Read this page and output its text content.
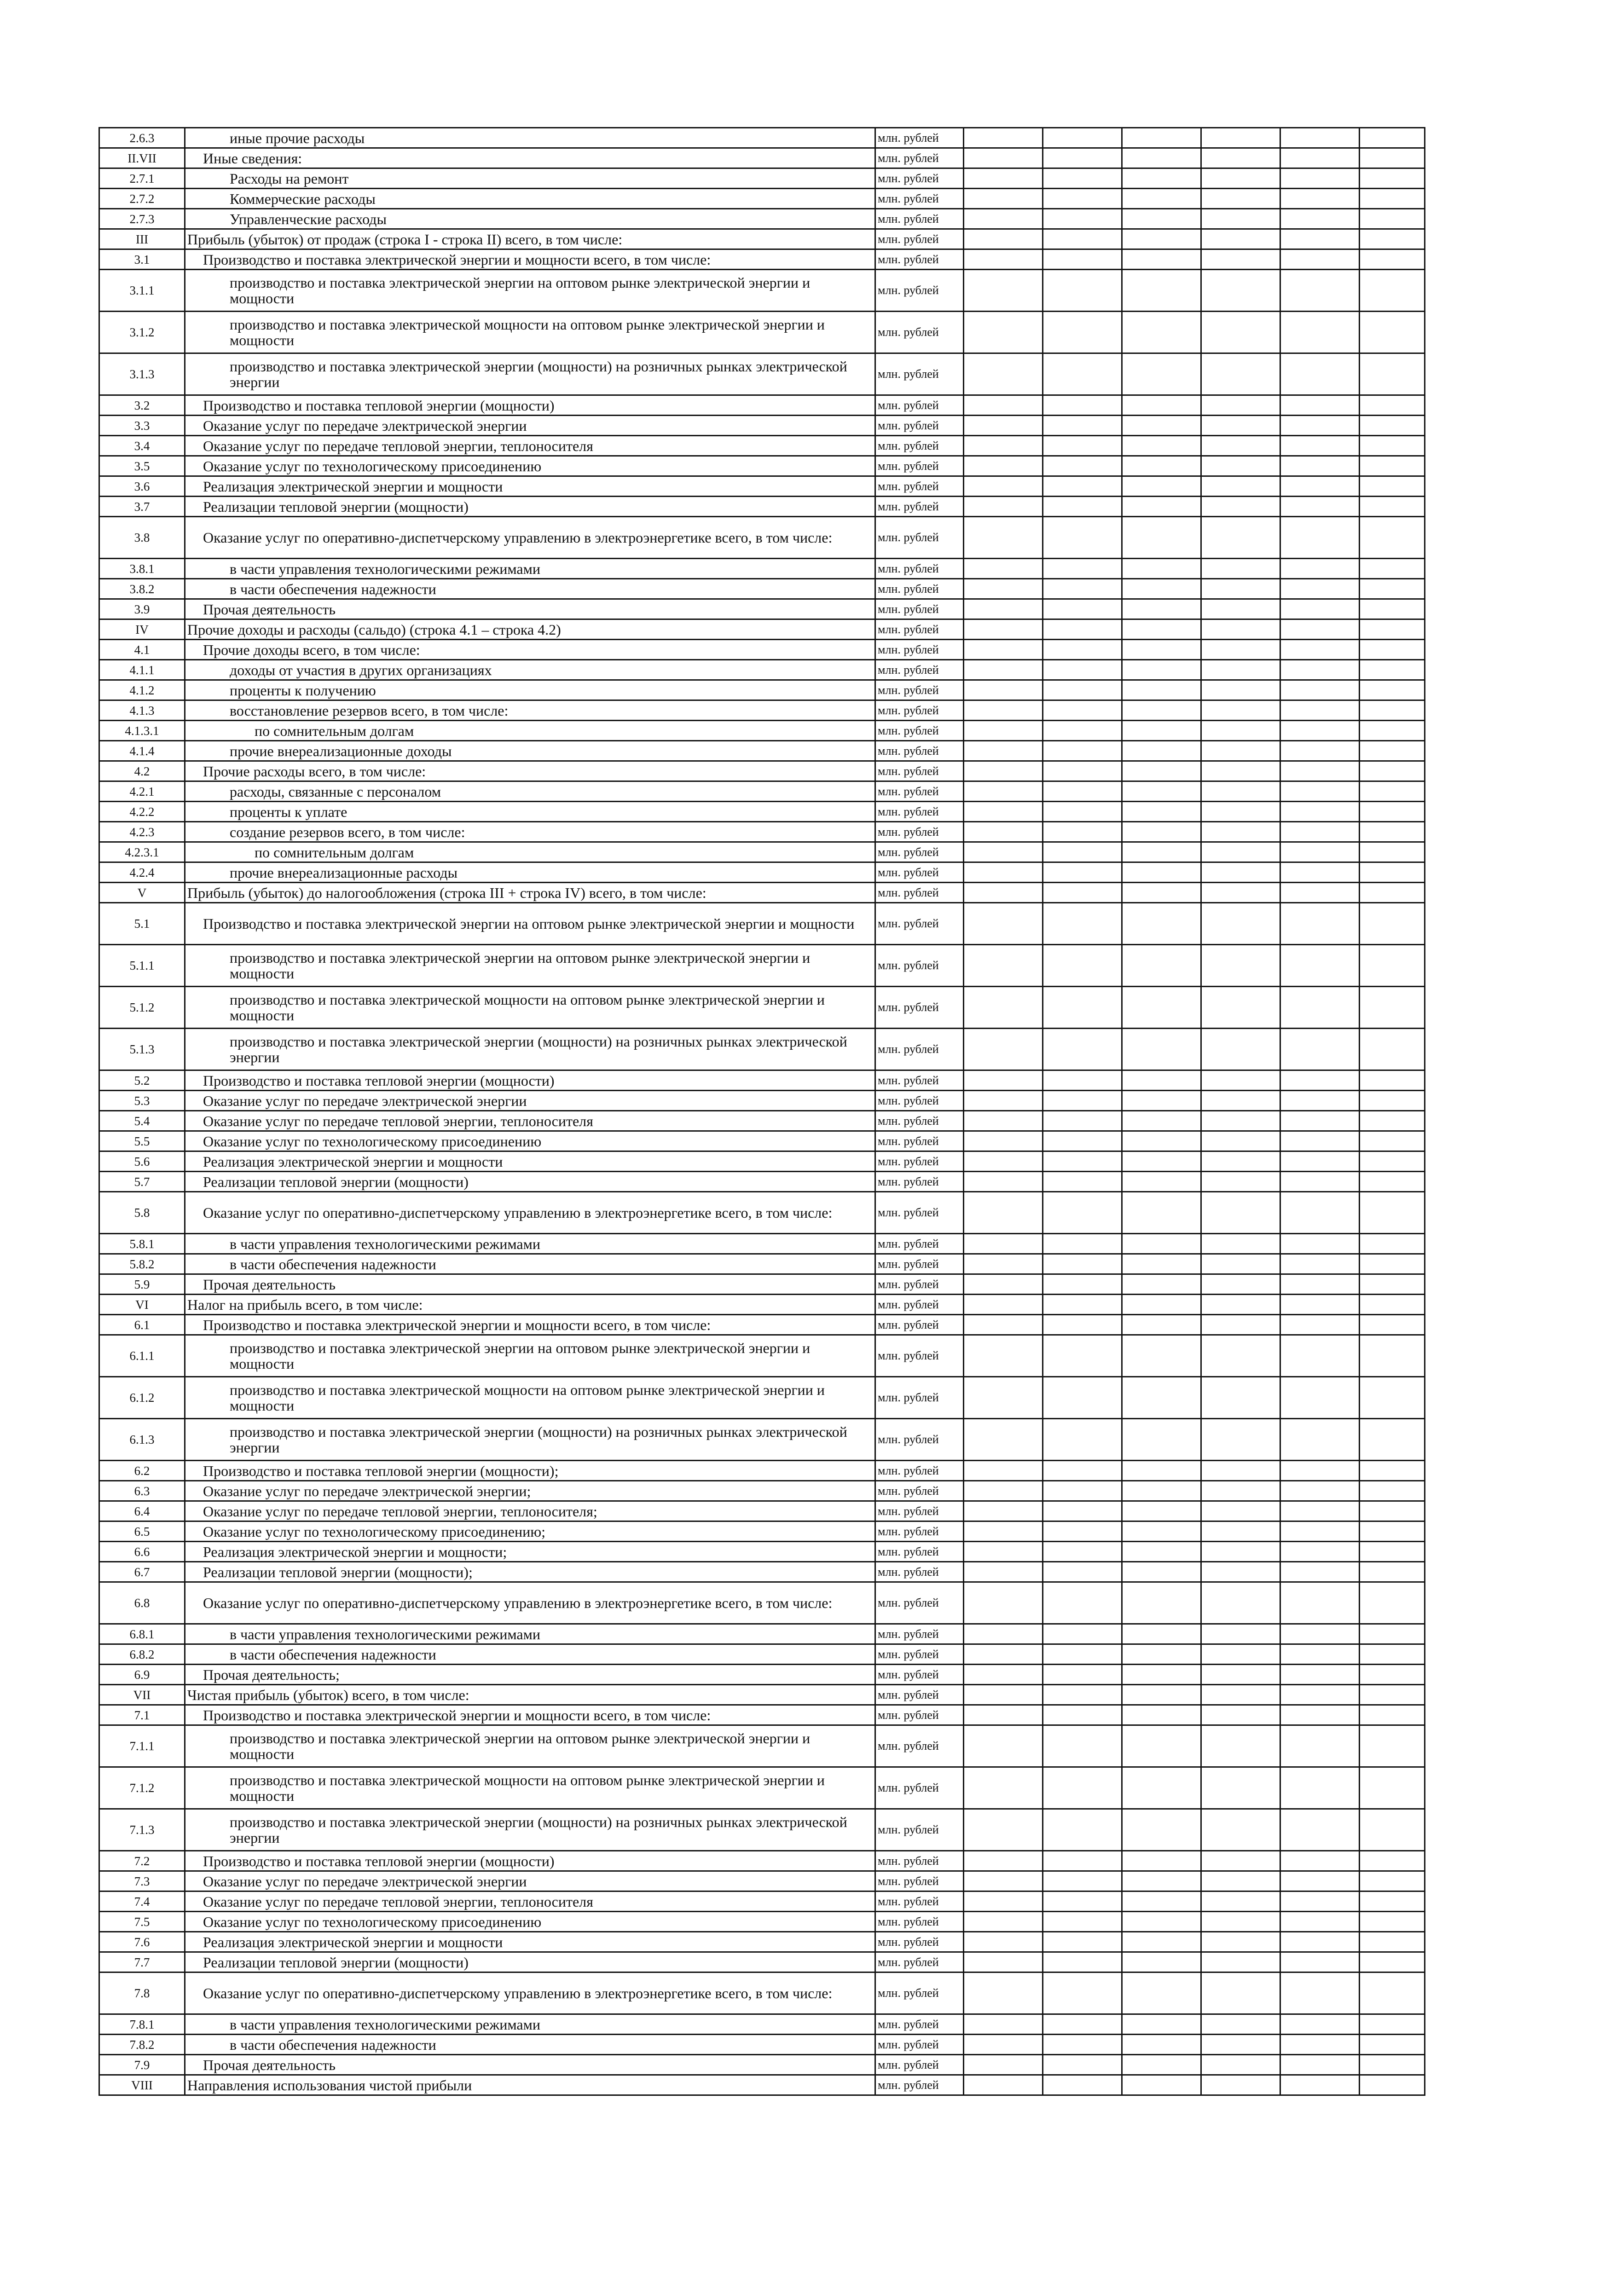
2.6.3	иные прочие расходы	млн. рублей						
II.VII	Иные сведения:	млн. рублей						
2.7.1	Расходы на ремонт	млн. рублей						
2.7.2	Коммерческие расходы	млн. рублей						
2.7.3	Управленческие расходы	млн. рублей						
III	Прибыль (убыток) от продаж (строка I - строка II) всего, в том числе:	млн. рублей						
3.1	Производство и поставка электрической энергии и мощности всего, в том числе:	млн. рублей						
3.1.1	производство и поставка электрической энергии на оптовом рынке электрической энергии и мощности	млн. рублей						
3.1.2	производство и поставка электрической мощности на оптовом рынке электрической энергии и мощности	млн. рублей						
3.1.3	производство и поставка электрической энергии (мощности) на розничных рынках электрической энергии	млн. рублей						
3.2	Производство и поставка тепловой энергии (мощности)	млн. рублей						
3.3	Оказание услуг по передаче электрической энергии	млн. рублей						
3.4	Оказание услуг по передаче тепловой энергии, теплоносителя	млн. рублей						
3.5	Оказание услуг по технологическому присоединению	млн. рублей						
3.6	Реализация электрической энергии и мощности	млн. рублей						
3.7	Реализации тепловой энергии (мощности)	млн. рублей						
3.8	Оказание услуг по оперативно-диспетчерскому управлению в электроэнергетике всего, в том числе:	млн. рублей						
3.8.1	в части управления технологическими режимами	млн. рублей						
3.8.2	в части обеспечения надежности	млн. рублей						
3.9	Прочая деятельность	млн. рублей						
IV	Прочие доходы и расходы (сальдо) (строка 4.1 – строка 4.2)	млн. рублей						
4.1	Прочие доходы всего, в том числе:	млн. рублей						
4.1.1	доходы от участия в других организациях	млн. рублей						
4.1.2	проценты к получению	млн. рублей						
4.1.3	восстановление резервов всего, в том числе:	млн. рублей						
4.1.3.1	по сомнительным долгам	млн. рублей						
4.1.4	прочие внереализационные доходы	млн. рублей						
4.2	Прочие расходы всего, в том числе:	млн. рублей						
4.2.1	расходы, связанные с персоналом	млн. рублей						
4.2.2	проценты к уплате	млн. рублей						
4.2.3	создание резервов всего, в том числе:	млн. рублей						
4.2.3.1	по сомнительным долгам	млн. рублей						
4.2.4	прочие внереализационные расходы	млн. рублей						
V	Прибыль (убыток) до налогообложения (строка III + строка IV) всего, в том числе:	млн. рублей						
5.1	Производство и поставка электрической энергии на оптовом рынке электрической энергии и мощности	млн. рублей						
5.1.1	производство и поставка электрической энергии на оптовом рынке электрической энергии и мощности	млн. рублей						
5.1.2	производство и поставка электрической мощности на оптовом рынке электрической энергии и мощности	млн. рублей						
5.1.3	производство и поставка электрической энергии (мощности) на розничных рынках электрической энергии	млн. рублей						
5.2	Производство и поставка тепловой энергии (мощности)	млн. рублей						
5.3	Оказание услуг по передаче электрической энергии	млн. рублей						
5.4	Оказание услуг по передаче тепловой энергии, теплоносителя	млн. рублей						
5.5	Оказание услуг по технологическому присоединению	млн. рублей						
5.6	Реализация электрической энергии и мощности	млн. рублей						
5.7	Реализации тепловой энергии (мощности)	млн. рублей						
5.8	Оказание услуг по оперативно-диспетчерскому управлению в электроэнергетике всего, в том числе:	млн. рублей						
5.8.1	в части управления технологическими режимами	млн. рублей						
5.8.2	в части обеспечения надежности	млн. рублей						
5.9	Прочая деятельность	млн. рублей						
VI	Налог на прибыль всего, в том числе:	млн. рублей						
6.1	Производство и поставка электрической энергии и мощности всего, в том числе:	млн. рублей						
6.1.1	производство и поставка электрической энергии на оптовом рынке электрической энергии и мощности	млн. рублей						
6.1.2	производство и поставка электрической мощности на оптовом рынке электрической энергии и мощности	млн. рублей						
6.1.3	производство и поставка электрической энергии (мощности) на розничных рынках электрической энергии	млн. рублей						
6.2	Производство и поставка тепловой энергии (мощности);	млн. рублей						
6.3	Оказание услуг по передаче электрической энергии;	млн. рублей						
6.4	Оказание услуг по передаче тепловой энергии, теплоносителя;	млн. рублей						
6.5	Оказание услуг по технологическому присоединению;	млн. рублей						
6.6	Реализация электрической энергии и мощности;	млн. рублей						
6.7	Реализации тепловой энергии (мощности);	млн. рублей						
6.8	Оказание услуг по оперативно-диспетчерскому управлению в электроэнергетике всего, в том числе:	млн. рублей						
6.8.1	в части управления технологическими режимами	млн. рублей						
6.8.2	в части обеспечения надежности	млн. рублей						
6.9	Прочая деятельность;	млн. рублей						
VII	Чистая прибыль (убыток) всего, в том числе:	млн. рублей						
7.1	Производство и поставка электрической энергии и мощности всего, в том числе:	млн. рублей						
7.1.1	производство и поставка электрической энергии на оптовом рынке электрической энергии и мощности	млн. рублей						
7.1.2	производство и поставка электрической мощности на оптовом рынке электрической энергии и мощности	млн. рублей						
7.1.3	производство и поставка электрической энергии (мощности) на розничных рынках электрической энергии	млн. рублей						
7.2	Производство и поставка тепловой энергии (мощности)	млн. рублей						
7.3	Оказание услуг по передаче электрической энергии	млн. рублей						
7.4	Оказание услуг по передаче тепловой энергии, теплоносителя	млн. рублей						
7.5	Оказание услуг по технологическому присоединению	млн. рублей						
7.6	Реализация электрической энергии и мощности	млн. рублей						
7.7	Реализации тепловой энергии (мощности)	млн. рублей						
7.8	Оказание услуг по оперативно-диспетчерскому управлению в электроэнергетике всего, в том числе:	млн. рублей						
7.8.1	в части управления технологическими режимами	млн. рублей						
7.8.2	в части обеспечения надежности	млн. рублей						
7.9	Прочая деятельность	млн. рублей						
VIII	Направления использования чистой прибыли	млн. рублей						
